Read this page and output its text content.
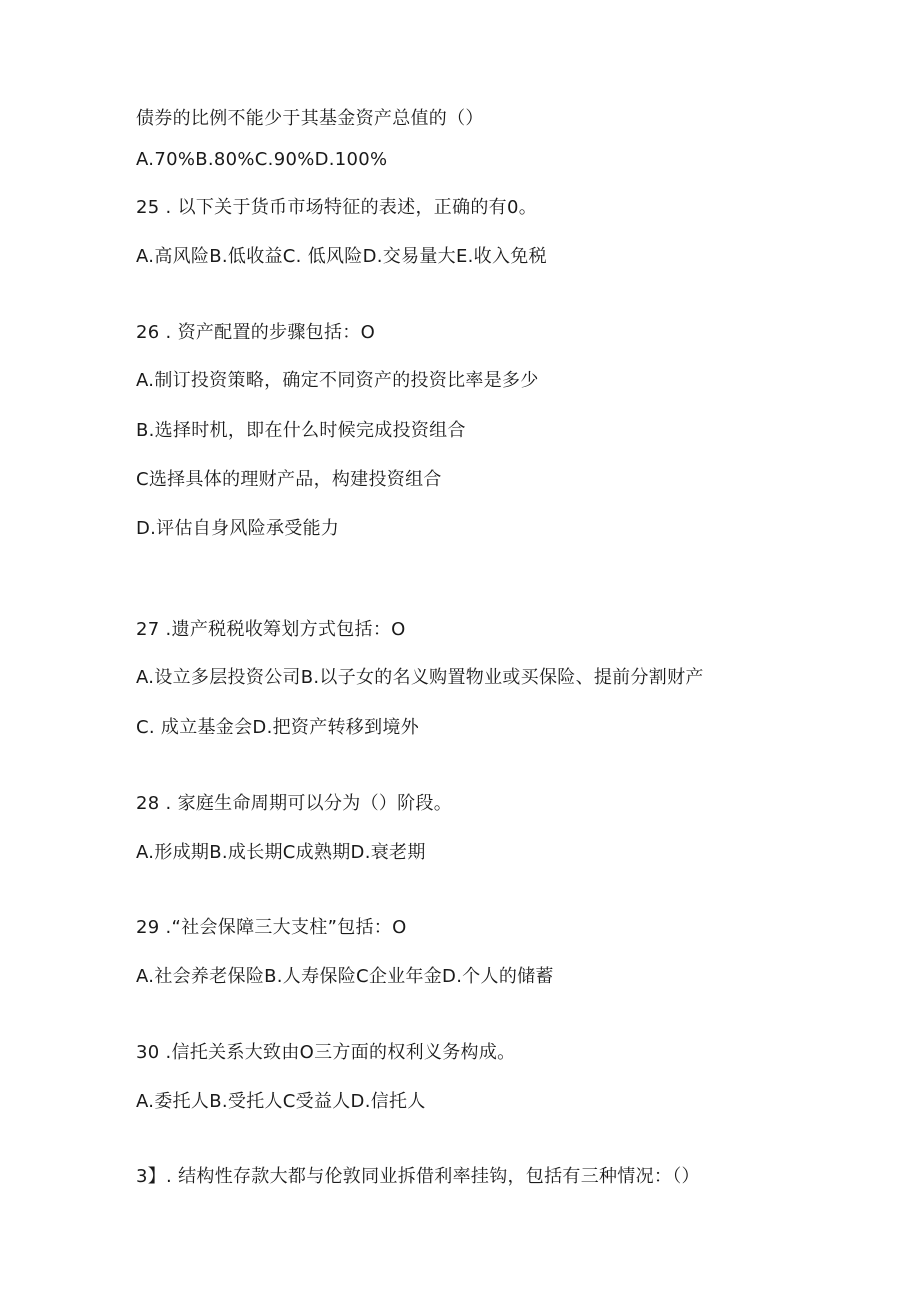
债券的比例不能少于其基金资产总值的（）
A.70%B.80%C.90%D.100%
25 . 以下关于货币市场特征的表述，正确的有0。
A.高风险B.低收益C. 低风险D.交易量大E.收入免税
26 . 资产配置的步骤包括：O
A.制订投资策略，确定不同资产的投资比率是多少
B.选择时机，即在什么时候完成投资组合
C选择具体的理财产品，构建投资组合
D.评估自身风险承受能力
27 .遗产税税收筹划方式包括：O
A.设立多层投资公司B.以子女的名义购置物业或买保险、提前分割财产
C. 成立基金会D.把资产转移到境外
28 . 家庭生命周期可以分为（）阶段。
A.形成期B.成长期C成熟期D.衰老期
29 .“社会保障三大支柱”包括：O
A.社会养老保险B.人寿保险C企业年金D.个人的储蓄
30 .信托关系大致由O三方面的权利义务构成。
A.委托人B.受托人C受益人D.信托人
3】. 结构性存款大都与伦敦同业拆借利率挂钩，包括有三种情况：（）
